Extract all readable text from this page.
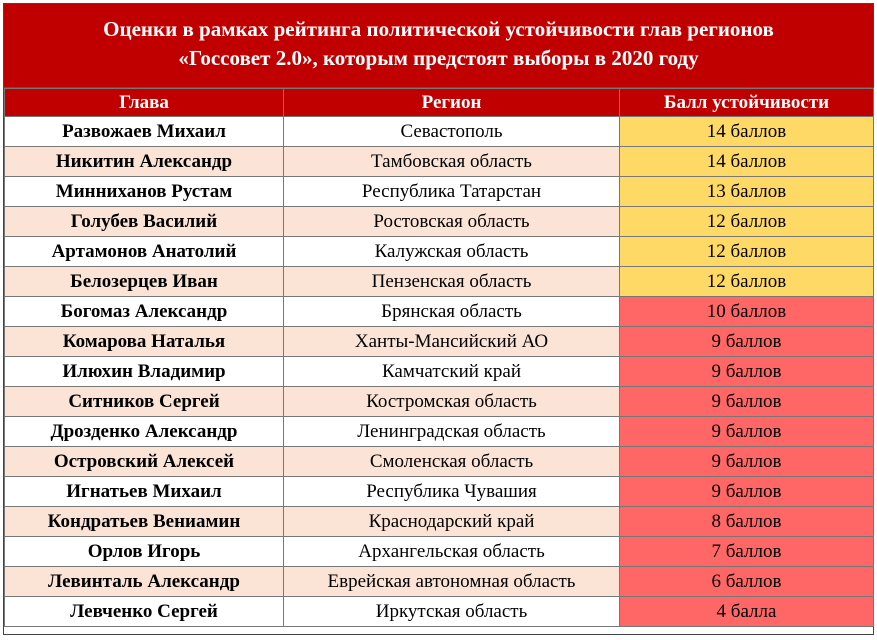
Оценки в рамках рейтинга политической устойчивости глав регионов
«Госсовет 2.0», которым предстоят выборы в 2020 году
Глава	Регион	Балл устойчивости
Развожаев Михаил	Севастополь	14 баллов
Никитин Александр	Тамбовская область	14 баллов
Минниханов Рустам	Республика Татарстан	13 баллов
Голубев Василий	Ростовская область	12 баллов
Артамонов Анатолий	Калужская область	12 баллов
Белозерцев Иван	Пензенская область	12 баллов
Богомаз Александр	Брянская область	10 баллов
Комарова Наталья	Ханты-Мансийский АО	9 баллов
Илюхин Владимир	Камчатский край	9 баллов
Ситников Сергей	Костромская область	9 баллов
Дрозденко Александр	Ленинградская область	9 баллов
Островский Алексей	Смоленская область	9 баллов
Игнатьев Михаил	Республика Чувашия	9 баллов
Кондратьев Вениамин	Краснодарский край	8 баллов
Орлов Игорь	Архангельская область	7 баллов
Левинталь Александр	Еврейская автономная область	6 баллов
Левченко Сергей	Иркутская область	4 балла
